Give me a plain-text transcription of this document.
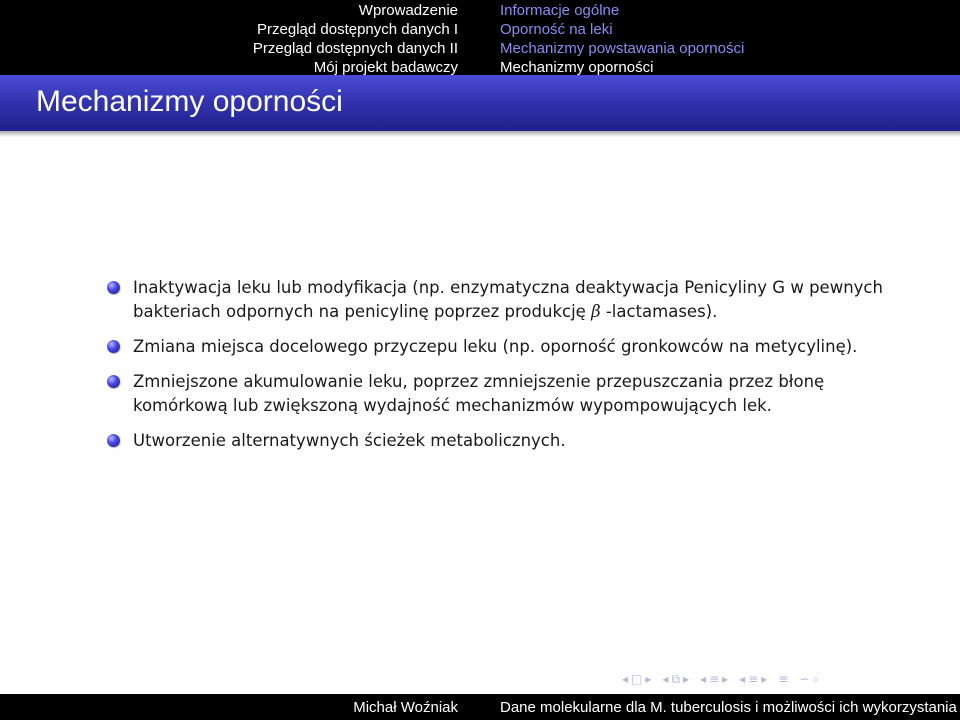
Wprowadzenie
Przegląd dostępnych danych I
Przegląd dostępnych danych II
Mój projekt badawczy
Informacje ogólne
Oporność na leki
Mechanizmy powstawania oporności
Mechanizmy oporności
Mechanizmy oporności
Inaktywacja leku lub modyfikacja (np. enzymatyczna deaktywacja Penicyliny G w pewnych bakteriach odpornych na penicylinę poprzez produkcję β -lactamases).
Zmiana miejsca docelowego przyczepu leku (np. oporność gronkowców na metycylinę).
Zmniejszone akumulowanie leku, poprzez zmniejszenie przepuszczania przez błonę komórkową lub zwiększoną wydajność mechanizmów wypompowujących lek.
Utworzenie alternatywnych ścieżek metabolicznych.
◂ □ ▸ ◂ ⧉ ▸ ◂ ≡ ▸ ◂ ≡ ▸ ≡ ∽ ⌕
Michał Woźniak	Dane molekularne dla M. tuberculosis i możliwości ich wykorzystania
